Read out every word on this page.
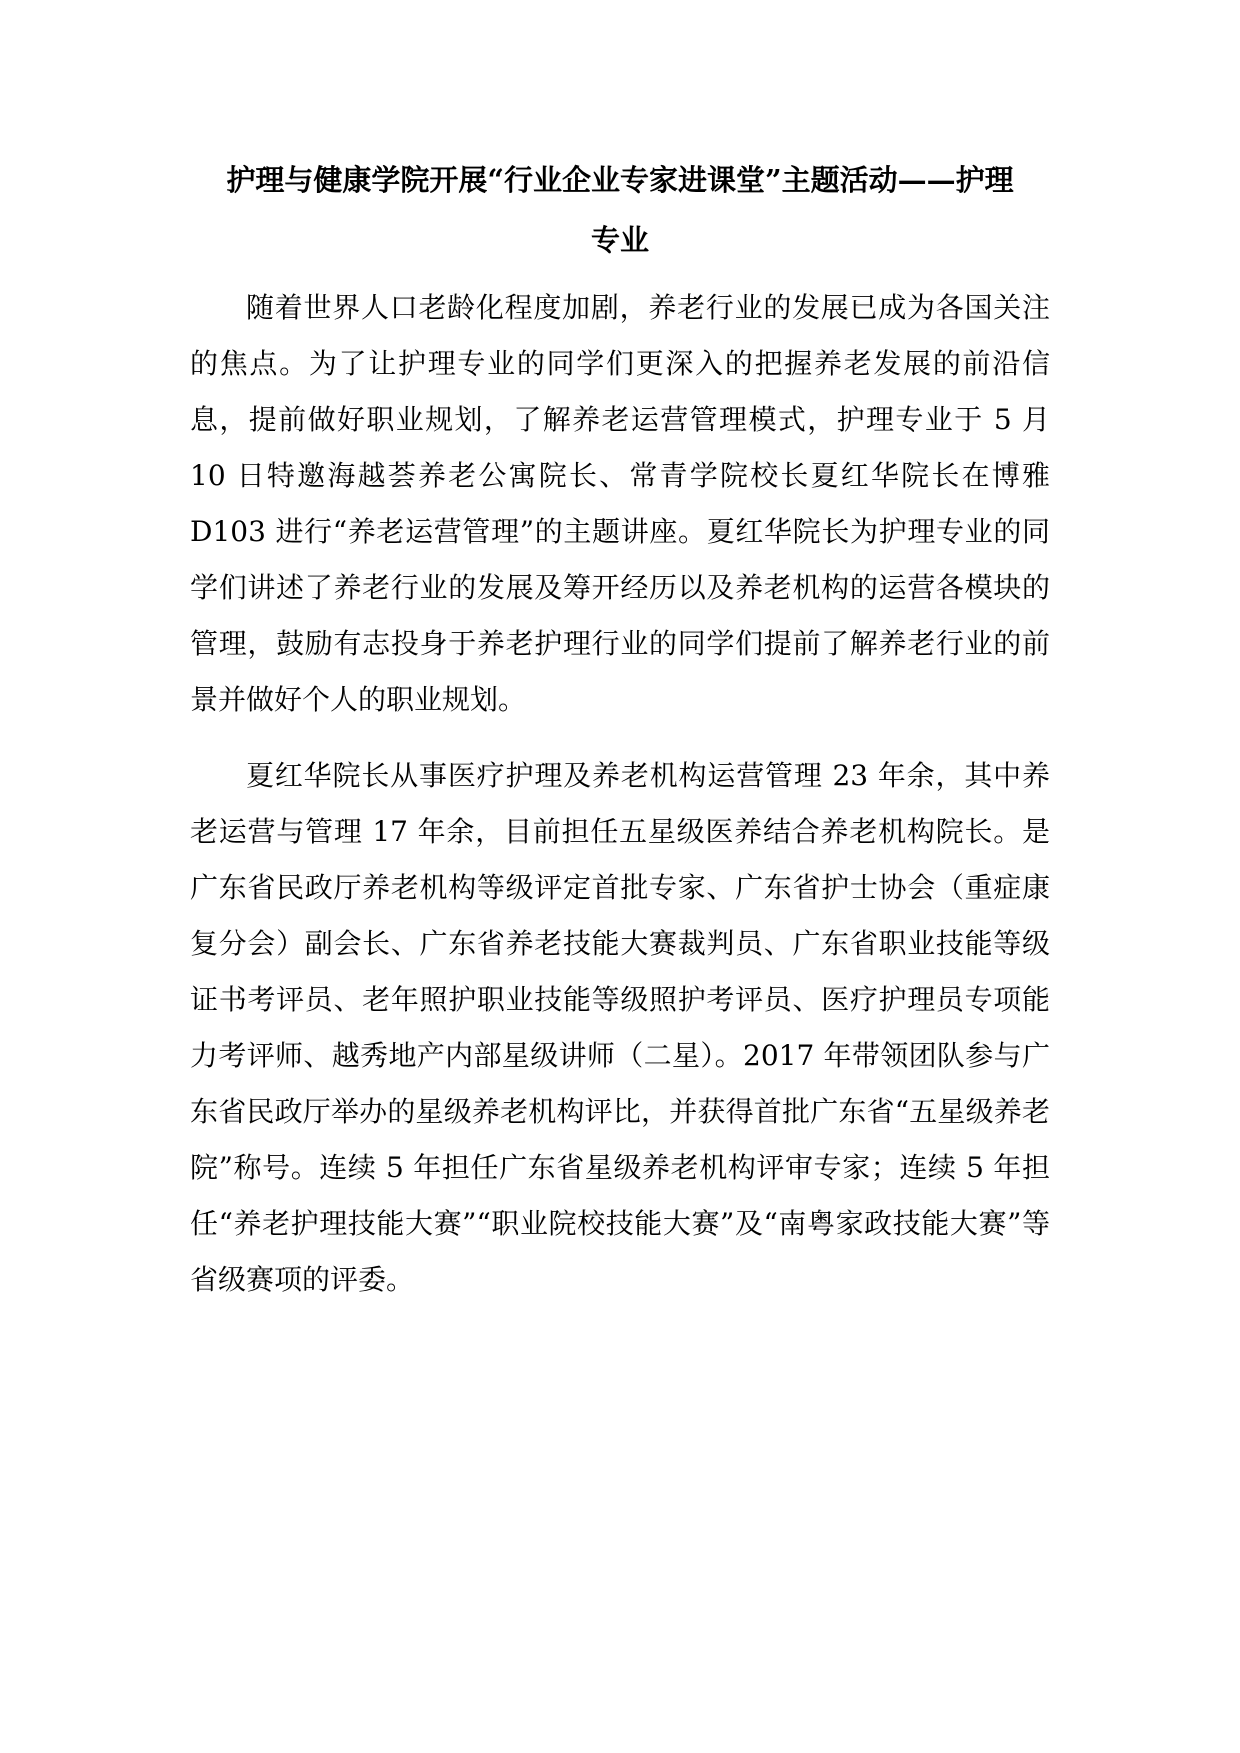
护理与健康学院开展“行业企业专家进课堂”主题活动——护理
专业

随着世界人口老龄化程度加剧，养老行业的发展已成为各国关注的焦点。为了让护理专业的同学们更深入的把握养老发展的前沿信息，提前做好职业规划，了解养老运营管理模式，护理专业于 5 月 10 日特邀海越荟养老公寓院长、常青学院校长夏红华院长在博雅 D103 进行“养老运营管理”的主题讲座。夏红华院长为护理专业的同学们讲述了养老行业的发展及筹开经历以及养老机构的运营各模块的管理，鼓励有志投身于养老护理行业的同学们提前了解养老行业的前景并做好个人的职业规划。

夏红华院长从事医疗护理及养老机构运营管理 23 年余，其中养老运营与管理 17 年余，目前担任五星级医养结合养老机构院长。是广东省民政厅养老机构等级评定首批专家、广东省护士协会（重症康复分会）副会长、广东省养老技能大赛裁判员、广东省职业技能等级证书考评员、老年照护职业技能等级照护考评员、医疗护理员专项能力考评师、越秀地产内部星级讲师（二星）。2017 年带领团队参与广东省民政厅举办的星级养老机构评比，并获得首批广东省“五星级养老院”称号。连续 5 年担任广东省星级养老机构评审专家；连续 5 年担任“养老护理技能大赛”“职业院校技能大赛”及“南粤家政技能大赛”等省级赛项的评委。
